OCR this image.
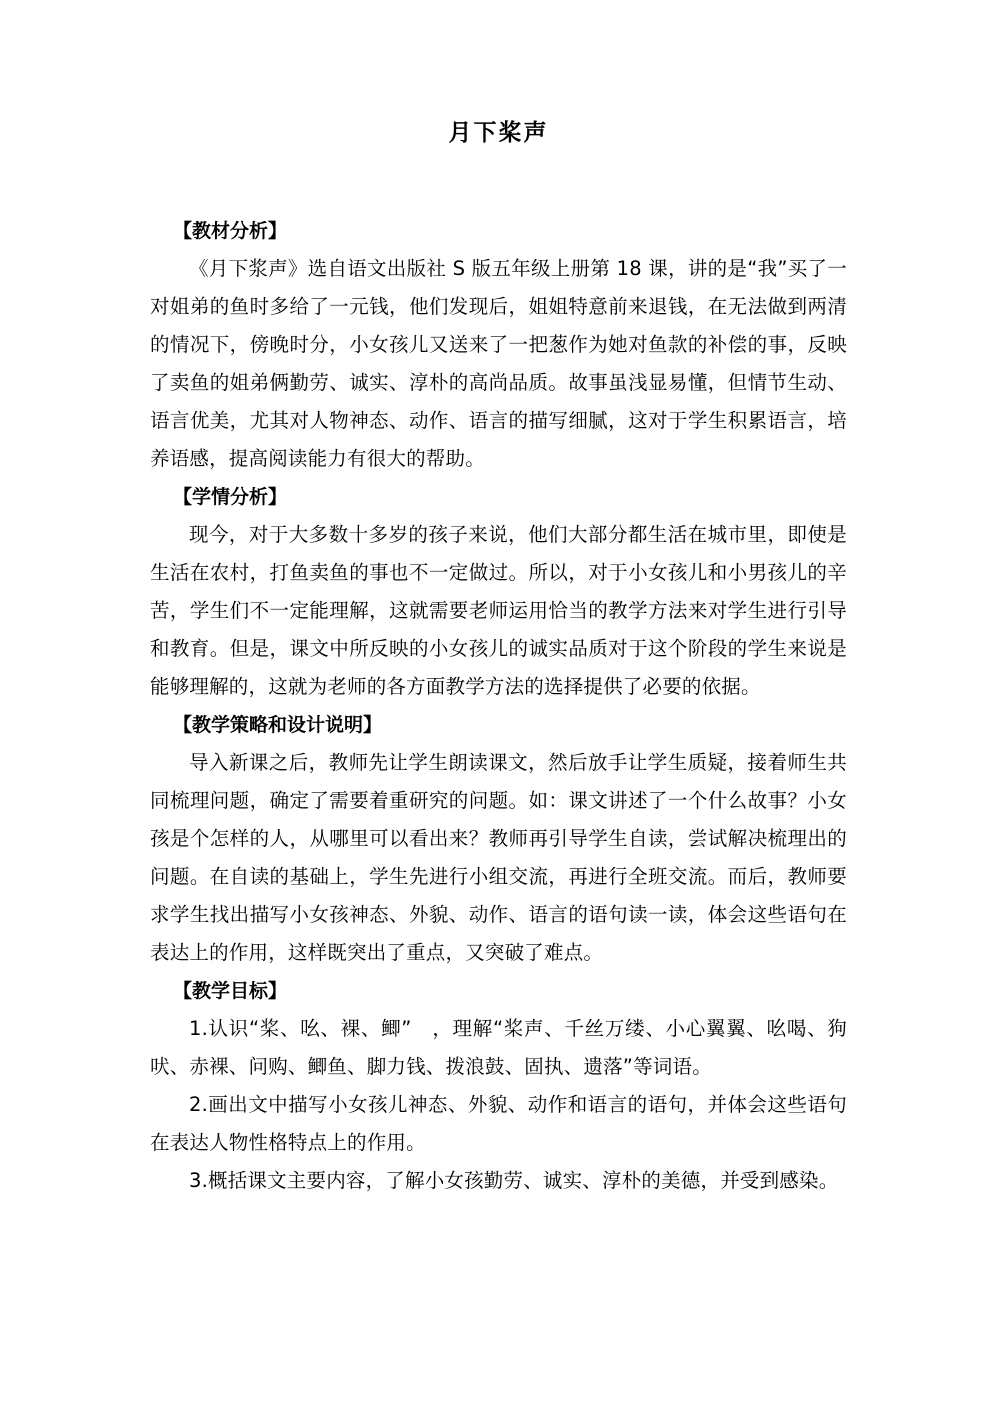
月下桨声
【教材分析】

《月下浆声》选自语文出版社 S 版五年级上册第 18 课，讲的是“我”买了一对姐弟的鱼时多给了一元钱，他们发现后，姐姐特意前来退钱，在无法做到两清的情况下，傍晚时分，小女孩儿又送来了一把葱作为她对鱼款的补偿的事，反映了卖鱼的姐弟俩勤劳、诚实、淳朴的高尚品质。故事虽浅显易懂，但情节生动、语言优美，尤其对人物神态、动作、语言的描写细腻，这对于学生积累语言，培养语感，提高阅读能力有很大的帮助。

【学情分析】

现今，对于大多数十多岁的孩子来说，他们大部分都生活在城市里，即使是生活在农村，打鱼卖鱼的事也不一定做过。所以，对于小女孩儿和小男孩儿的辛苦，学生们不一定能理解，这就需要老师运用恰当的教学方法来对学生进行引导和教育。但是，课文中所反映的小女孩儿的诚实品质对于这个阶段的学生来说是能够理解的，这就为老师的各方面教学方法的选择提供了必要的依据。

【教学策略和设计说明】

导入新课之后，教师先让学生朗读课文，然后放手让学生质疑，接着师生共同梳理问题，确定了需要着重研究的问题。如：课文讲述了一个什么故事？小女孩是个怎样的人，从哪里可以看出来？教师再引导学生自读，尝试解决梳理出的问题。在自读的基础上，学生先进行小组交流，再进行全班交流。而后，教师要求学生找出描写小女孩神态、外貌、动作、语言的语句读一读，体会这些语句在表达上的作用，这样既突出了重点，又突破了难点。

【教学目标】

1.认识“桨、吆、裸、鲫”　，理解“桨声、千丝万缕、小心翼翼、吆喝、狗 吠、赤裸、问购、鲫鱼、脚力钱、拨浪鼓、固执、遗落”等词语。

2.画出文中描写小女孩儿神态、外貌、动作和语言的语句，并体会这些语句在表达人物性格特点上的作用。

3.概括课文主要内容，了解小女孩勤劳、诚实、淳朴的美德，并受到感染。
